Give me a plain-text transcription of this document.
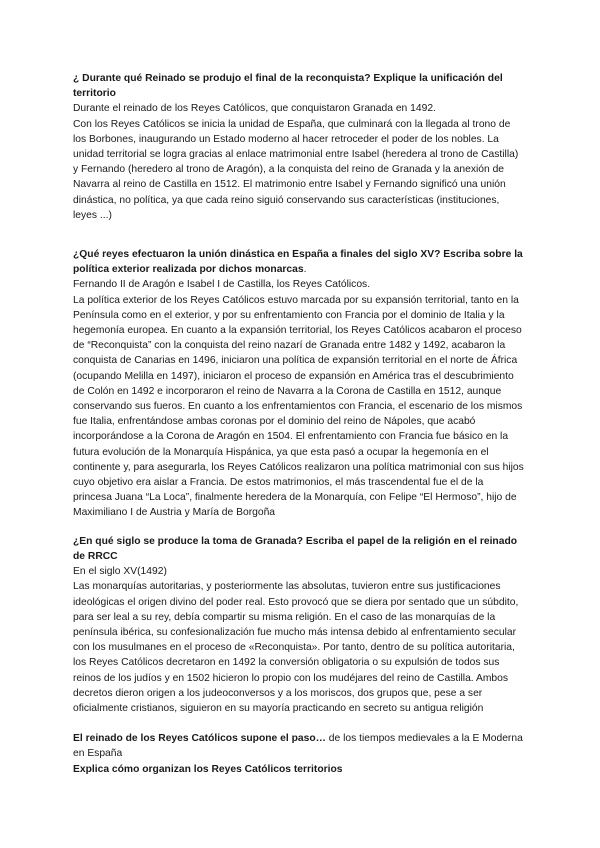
¿ Durante qué Reinado se produjo el final de la reconquista? Explique la unificación del territorio

Durante el reinado de los Reyes Católicos, que conquistaron Granada en 1492.

Con los Reyes Católicos se inicia la unidad de España, que culminará con la llegada al trono de los Borbones, inaugurando un Estado moderno al hacer retroceder el poder de los nobles. La unidad territorial se logra gracias al enlace matrimonial entre Isabel (heredera al trono de Castilla) y Fernando (heredero al trono de Aragón), a la conquista del reino de Granada y la anexión de Navarra al reino de Castilla en 1512. El matrimonio entre Isabel y Fernando significó una unión dinástica, no política, ya que cada reino siguió conservando sus características (instituciones, leyes ...)

¿Qué reyes efectuaron la unión dinástica en España a finales del siglo XV? Escriba sobre la política exterior realizada por dichos monarcas.

Fernando II de Aragón e Isabel I de Castilla, los Reyes Católicos.

La política exterior de los Reyes Católicos estuvo marcada por su expansión territorial, tanto en la Península como en el exterior, y por su enfrentamiento con Francia por el dominio de Italia y la hegemonía europea. En cuanto a la expansión territorial, los Reyes Católicos acabaron el proceso de “Reconquista” con la conquista del reino nazarí de Granada entre 1482 y 1492, acabaron la conquista de Canarias en 1496, iniciaron una política de expansión territorial en el norte de África (ocupando Melilla en 1497), iniciaron el proceso de expansión en América tras el descubrimiento de Colón en 1492 e incorporaron el reino de Navarra a la Corona de Castilla en 1512, aunque conservando sus fueros. En cuanto a los enfrentamientos con Francia, el escenario de los mismos fue Italia, enfrentándose ambas coronas por el dominio del reino de Nápoles, que acabó incorporándose a la Corona de Aragón en 1504. El enfrentamiento con Francia fue básico en la futura evolución de la Monarquía Hispánica, ya que esta pasó a ocupar la hegemonía en el continente y, para asegurarla, los Reyes Católicos realizaron una política matrimonial con sus hijos cuyo objetivo era aislar a Francia. De estos matrimonios, el más trascendental fue el de la princesa Juana “La Loca”, finalmente heredera de la Monarquía, con Felipe “El Hermoso”, hijo de Maximiliano I de Austria y María de Borgoña

¿En qué siglo se produce la toma de Granada? Escriba el papel de la religión en el reinado de RRCC

En el siglo XV(1492)

Las monarquías autoritarias, y posteriormente las absolutas, tuvieron entre sus justificaciones ideológicas el origen divino del poder real. Esto provocó que se diera por sentado que un súbdito, para ser leal a su rey, debía compartir su misma religión. En el caso de las monarquías de la península ibérica, su confesionalización fue mucho más intensa debido al enfrentamiento secular con los musulmanes en el proceso de «Reconquista». Por tanto, dentro de su política autoritaria, los Reyes Católicos decretaron en 1492 la conversión obligatoria o su expulsión de todos sus reinos de los judíos y en 1502 hicieron lo propio con los mudéjares del reino de Castilla. Ambos decretos dieron origen a los judeoconversos y a los moriscos, dos grupos que, pese a ser oficialmente cristianos, siguieron en su mayoría practicando en secreto su antigua religión

El reinado de los Reyes Católicos supone el paso… de los tiempos medievales a la E Moderna en España

Explica cómo organizan los Reyes Católicos territorios
